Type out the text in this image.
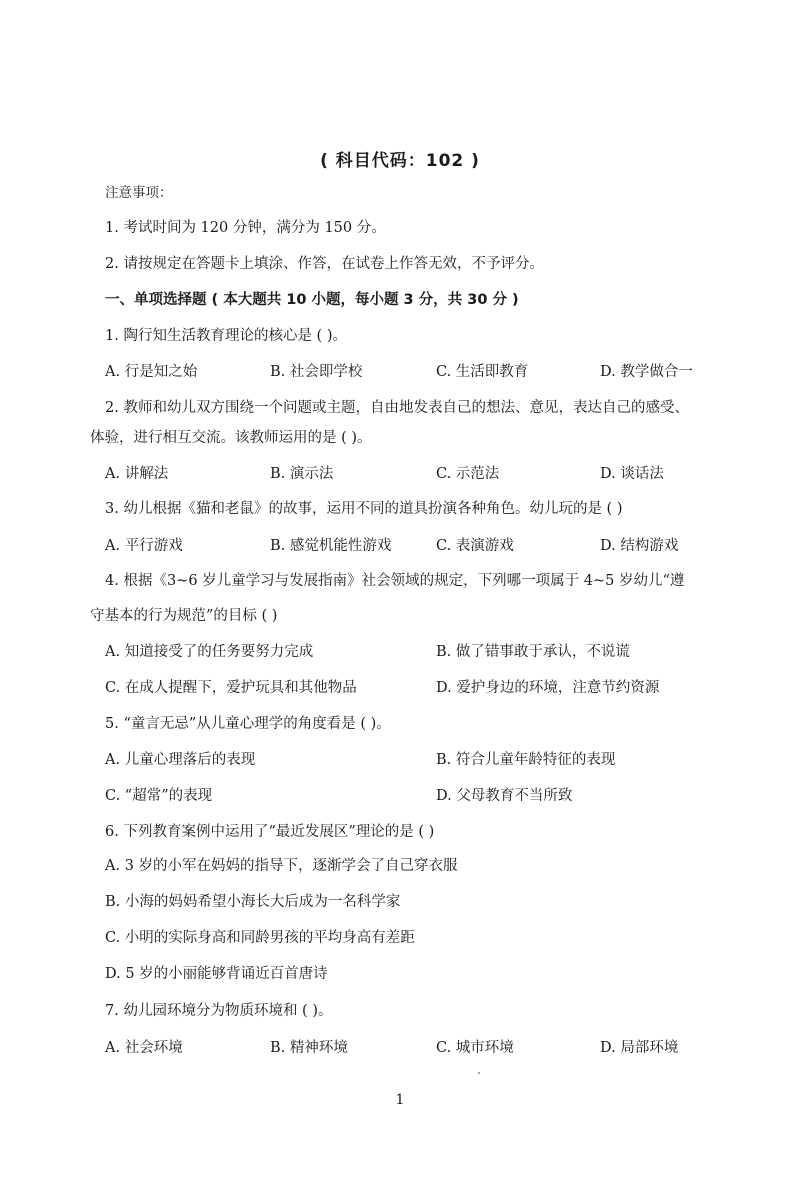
( 科目代码：102 )
注意事项：
1. 考试时间为 120 分钟，满分为 150 分。
2. 请按规定在答题卡上填涂、作答，在试卷上作答无效，不予评分。
一、单项选择题 ( 本大题共 10 小题，每小题 3 分，共 30 分 )
1. 陶行知生活教育理论的核心是 ( )。
A. 行是知之始	B. 社会即学校	C. 生活即教育	D. 教学做合一
2. 教师和幼儿双方围绕一个问题或主题，自由地发表自己的想法、意见，表达自己的感受、
体验，进行相互交流。该教师运用的是 ( )。
A. 讲解法	B. 演示法	C. 示范法	D. 谈话法
3. 幼儿根据《猫和老鼠》的故事，运用不同的道具扮演各种角色。幼儿玩的是 ( )
A. 平行游戏	B. 感觉机能性游戏	C. 表演游戏	D. 结构游戏
4. 根据《3~6 岁儿童学习与发展指南》社会领域的规定，下列哪一项属于 4~5 岁幼儿“遵
守基本的行为规范”的目标 ( )
A. 知道接受了的任务要努力完成	B. 做了错事敢于承认，不说谎
C. 在成人提醒下，爱护玩具和其他物品	D. 爱护身边的环境，注意节约资源
5. “童言无忌”从儿童心理学的角度看是 ( )。
A. 儿童心理落后的表现	B. 符合儿童年龄特征的表现
C. “超常”的表现	D. 父母教育不当所致
6. 下列教育案例中运用了“最近发展区”理论的是 ( )
A. 3 岁的小军在妈妈的指导下，逐渐学会了自己穿衣服
B. 小海的妈妈希望小海长大后成为一名科学家
C. 小明的实际身高和同龄男孩的平均身高有差距
D. 5 岁的小丽能够背诵近百首唐诗
7. 幼儿园环境分为物质环境和 ( )。
A. 社会环境	B. 精神环境	C. 城市环境	D. 局部环境
1
